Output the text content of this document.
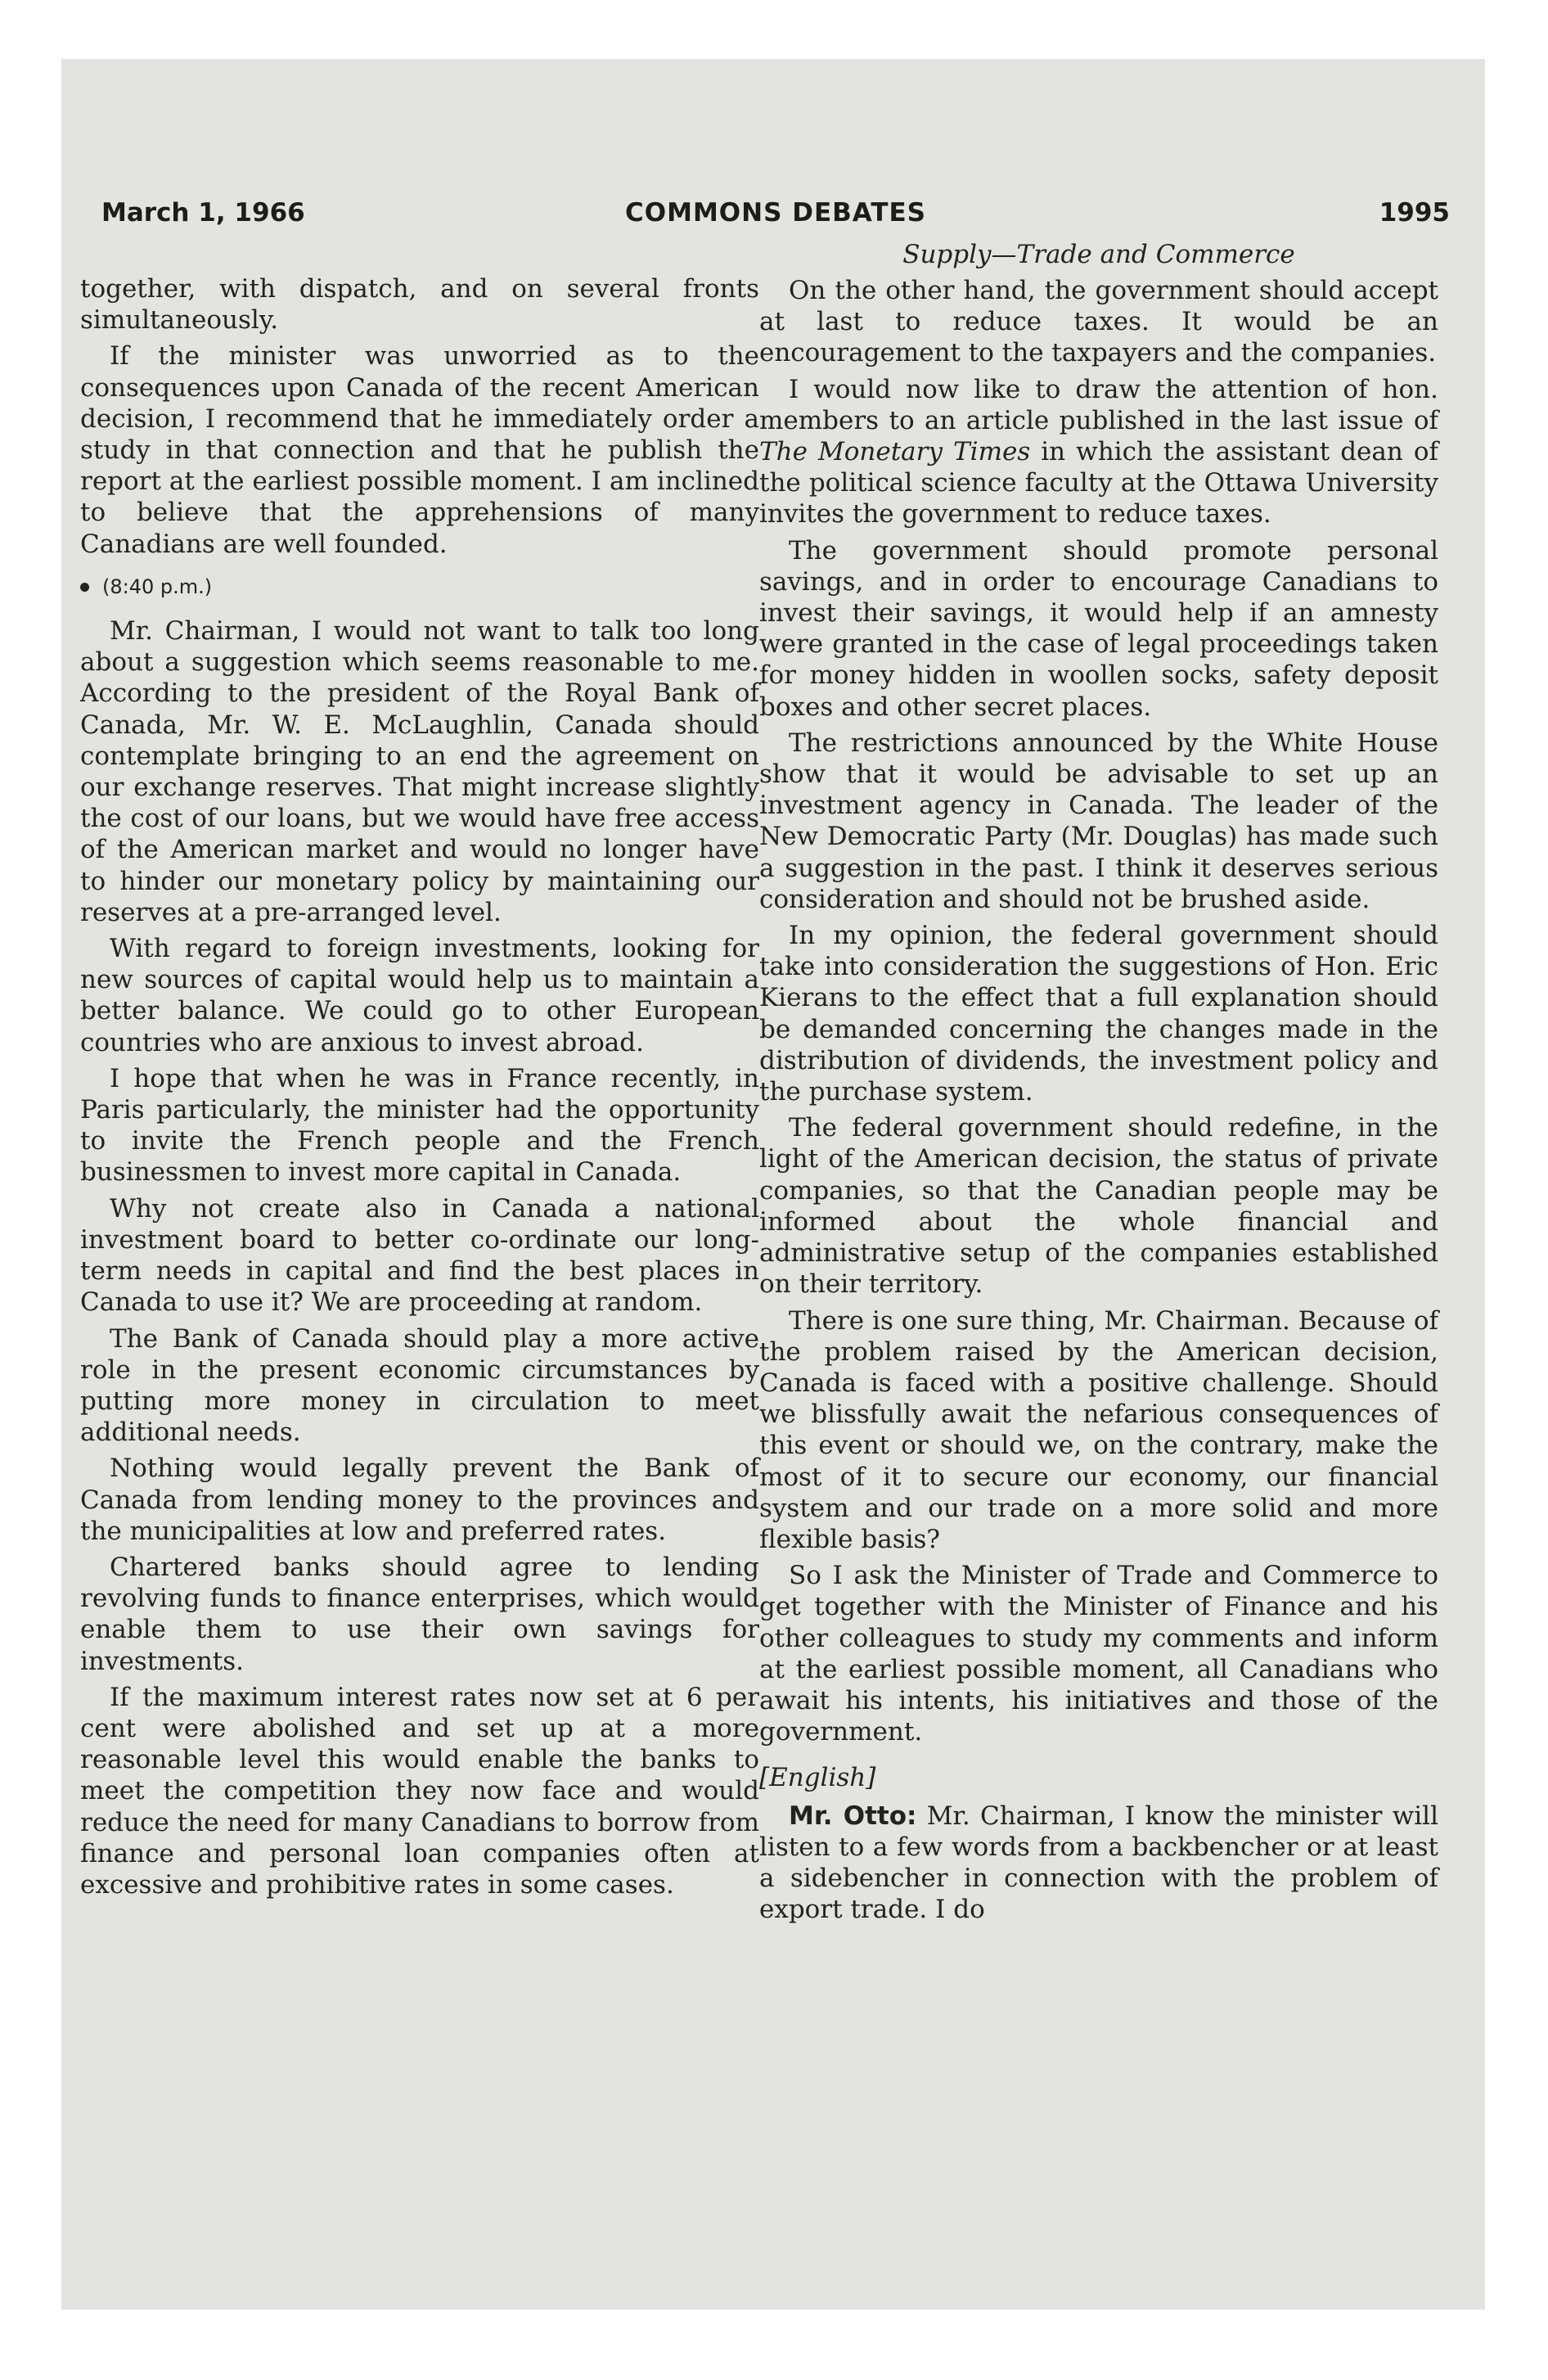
March 1, 1966	COMMONS DEBATES	1995

together, with dispatch, and on several fronts simultaneously.

If the minister was unworried as to the consequences upon Canada of the recent American decision, I recommend that he immediately order a study in that connection and that he publish the report at the earliest possible moment. I am inclined to believe that the apprehensions of many Canadians are well founded.

(8:40 p.m.)

Mr. Chairman, I would not want to talk too long about a suggestion which seems reasonable to me. According to the president of the Royal Bank of Canada, Mr. W. E. McLaughlin, Canada should contemplate bringing to an end the agreement on our exchange reserves. That might increase slightly the cost of our loans, but we would have free access of the American market and would no longer have to hinder our monetary policy by maintaining our reserves at a pre-arranged level.

With regard to foreign investments, looking for new sources of capital would help us to maintain a better balance. We could go to other European countries who are anxious to invest abroad.

I hope that when he was in France recently, in Paris particularly, the minister had the opportunity to invite the French people and the French businessmen to invest more capital in Canada.

Why not create also in Canada a national investment board to better co-ordinate our long-term needs in capital and find the best places in Canada to use it? We are proceeding at random.

The Bank of Canada should play a more active role in the present economic circumstances by putting more money in circulation to meet additional needs.

Nothing would legally prevent the Bank of Canada from lending money to the provinces and the municipalities at low and preferred rates.

Chartered banks should agree to lending revolving funds to finance enterprises, which would enable them to use their own savings for investments.

If the maximum interest rates now set at 6 per cent were abolished and set up at a more reasonable level this would enable the banks to meet the competition they now face and would reduce the need for many Canadians to borrow from finance and personal loan companies often at excessive and prohibitive rates in some cases.

Supply—Trade and Commerce

On the other hand, the government should accept at last to reduce taxes. It would be an encouragement to the taxpayers and the companies.

I would now like to draw the attention of hon. members to an article published in the last issue of The Monetary Times in which the assistant dean of the political science faculty at the Ottawa University invites the government to reduce taxes.

The government should promote personal savings, and in order to encourage Canadians to invest their savings, it would help if an amnesty were granted in the case of legal proceedings taken for money hidden in woollen socks, safety deposit boxes and other secret places.

The restrictions announced by the White House show that it would be advisable to set up an investment agency in Canada. The leader of the New Democratic Party (Mr. Douglas) has made such a suggestion in the past. I think it deserves serious consideration and should not be brushed aside.

In my opinion, the federal government should take into consideration the suggestions of Hon. Eric Kierans to the effect that a full explanation should be demanded concerning the changes made in the distribution of dividends, the investment policy and the purchase system.

The federal government should redefine, in the light of the American decision, the status of private companies, so that the Canadian people may be informed about the whole financial and administrative setup of the companies established on their territory.

There is one sure thing, Mr. Chairman. Because of the problem raised by the American decision, Canada is faced with a positive challenge. Should we blissfully await the nefarious consequences of this event or should we, on the contrary, make the most of it to secure our economy, our financial system and our trade on a more solid and more flexible basis?

So I ask the Minister of Trade and Commerce to get together with the Minister of Finance and his other colleagues to study my comments and inform at the earliest possible moment, all Canadians who await his intents, his initiatives and those of the government.

[English]

Mr. Otto: Mr. Chairman, I know the minister will listen to a few words from a backbencher or at least a sidebencher in connection with the problem of export trade. I do
